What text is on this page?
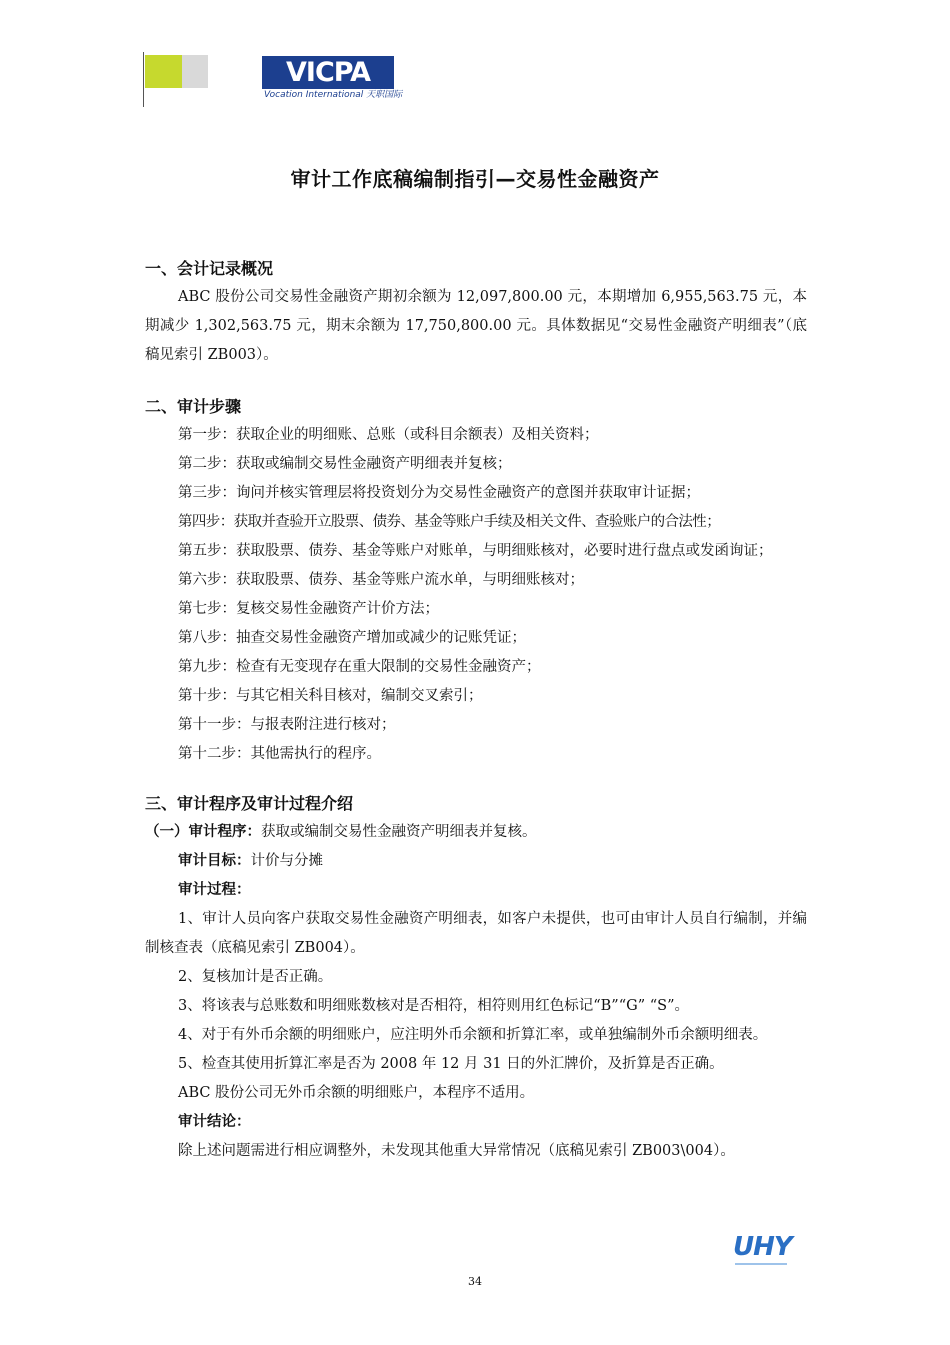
VICPA
Vocation International 天职国际
审计工作底稿编制指引—交易性金融资产
一、会计记录概况
ABC 股份公司交易性金融资产期初余额为 12,097,800.00 元，本期增加 6,955,563.75 元，本期减少 1,302,563.75 元，期末余额为 17,750,800.00 元。具体数据见“交易性金融资产明细表”（底稿见索引 ZB003）。
二、审计步骤
第一步：获取企业的明细账、总账（或科目余额表）及相关资料；
第二步：获取或编制交易性金融资产明细表并复核；
第三步：询问并核实管理层将投资划分为交易性金融资产的意图并获取审计证据；
第四步：获取并查验开立股票、债券、基金等账户手续及相关文件、查验账户的合法性；
第五步：获取股票、债券、基金等账户对账单，与明细账核对，必要时进行盘点或发函询证；
第六步：获取股票、债券、基金等账户流水单，与明细账核对；
第七步：复核交易性金融资产计价方法；
第八步：抽查交易性金融资产增加或减少的记账凭证；
第九步：检查有无变现存在重大限制的交易性金融资产；
第十步：与其它相关科目核对，编制交叉索引；
第十一步：与报表附注进行核对；
第十二步：其他需执行的程序。
三、审计程序及审计过程介绍
（一）审计程序：获取或编制交易性金融资产明细表并复核。
审计目标：计价与分摊
审计过程：
1、审计人员向客户获取交易性金融资产明细表，如客户未提供，也可由审计人员自行编制，并编制核查表（底稿见索引 ZB004）。
2、复核加计是否正确。
3、将该表与总账数和明细账数核对是否相符，相符则用红色标记“B”“G” “S”。
4、对于有外币余额的明细账户，应注明外币余额和折算汇率，或单独编制外币余额明细表。
5、检查其使用折算汇率是否为 2008 年 12 月 31 日的外汇牌价，及折算是否正确。
ABC 股份公司无外币余额的明细账户，本程序不适用。
审计结论：
除上述问题需进行相应调整外，未发现其他重大异常情况（底稿见索引 ZB003\004）。
UHY
34
